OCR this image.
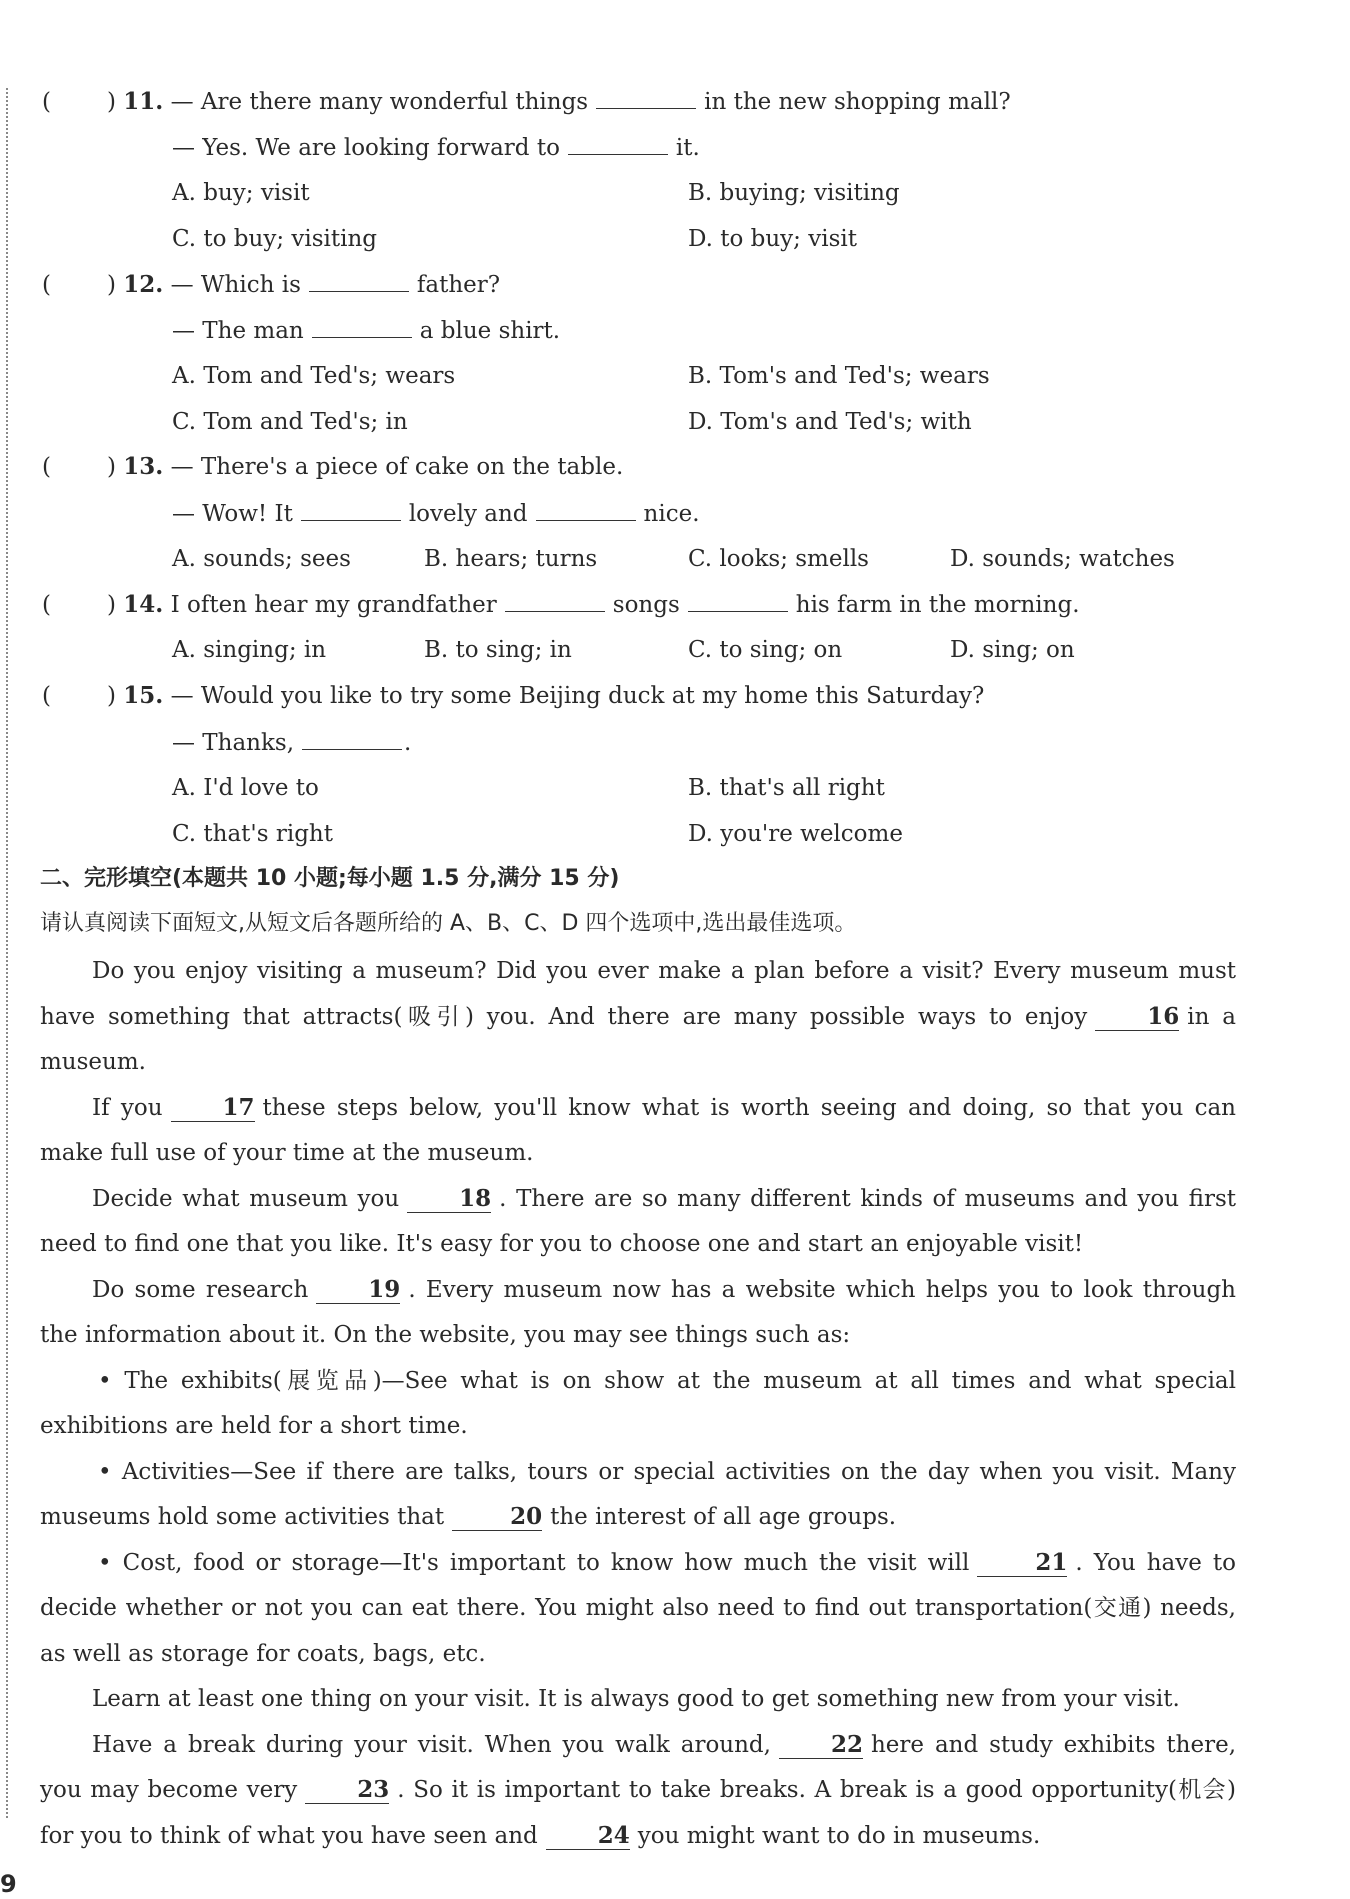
( ) 11. — Are there many wonderful things	in the new shopping mall?
— Yes. We are looking forward to	it.
A. buy; visit	B. buying; visiting
C. to buy; visiting	D. to buy; visit
( ) 12. — Which is	father?
— The man	a blue shirt.
A. Tom and Ted's; wears	B. Tom's and Ted's; wears
C. Tom and Ted's; in	D. Tom's and Ted's; with
( ) 13. — There's a piece of cake on the table.
— Wow! It	lovely and	nice.
A. sounds; sees	B. hears; turns	C. looks; smells	D. sounds; watches
( ) 14. I often hear my grandfather	songs	his farm in the morning.
A. singing; in	B. to sing; in	C. to sing; on	D. sing; on
( ) 15. — Would you like to try some Beijing duck at my home this Saturday?
— Thanks,	.
A. I'd love to	B. that's all right
C. that's right	D. you're welcome
二、完形填空(本题共 10 小题;每小题 1.5 分,满分 15 分)
请认真阅读下面短文,从短文后各题所给的 A、B、C、D 四个选项中,选出最佳选项。

Do you enjoy visiting a museum? Did you ever make a plan before a visit? Every museum must have something that attracts(吸引) you. And there are many possible ways to enjoy	16 in a museum.

If you	17 these steps below, you'll know what is worth seeing and doing, so that you can make full use of your time at the museum.

Decide what museum you	18 . There are so many different kinds of museums and you first need to find one that you like. It's easy for you to choose one and start an enjoyable visit!

Do some research	19 . Every museum now has a website which helps you to look through the information about it. On the website, you may see things such as:

• The exhibits(展览品)—See what is on show at the museum at all times and what special exhibitions are held for a short time.

• Activities—See if there are talks, tours or special activities on the day when you visit. Many museums hold some activities that	20 the interest of all age groups.

• Cost, food or storage—It's important to know how much the visit will	21 . You have to decide whether or not you can eat there. You might also need to find out transportation(交通) needs, as well as storage for coats, bags, etc.

Learn at least one thing on your visit. It is always good to get something new from your visit.

Have a break during your visit. When you walk around,	22 here and study exhibits there, you may become very	23 . So it is important to take breaks. A break is a good opportunity(机会) for you to think of what you have seen and	24 you might want to do in museums.

9
